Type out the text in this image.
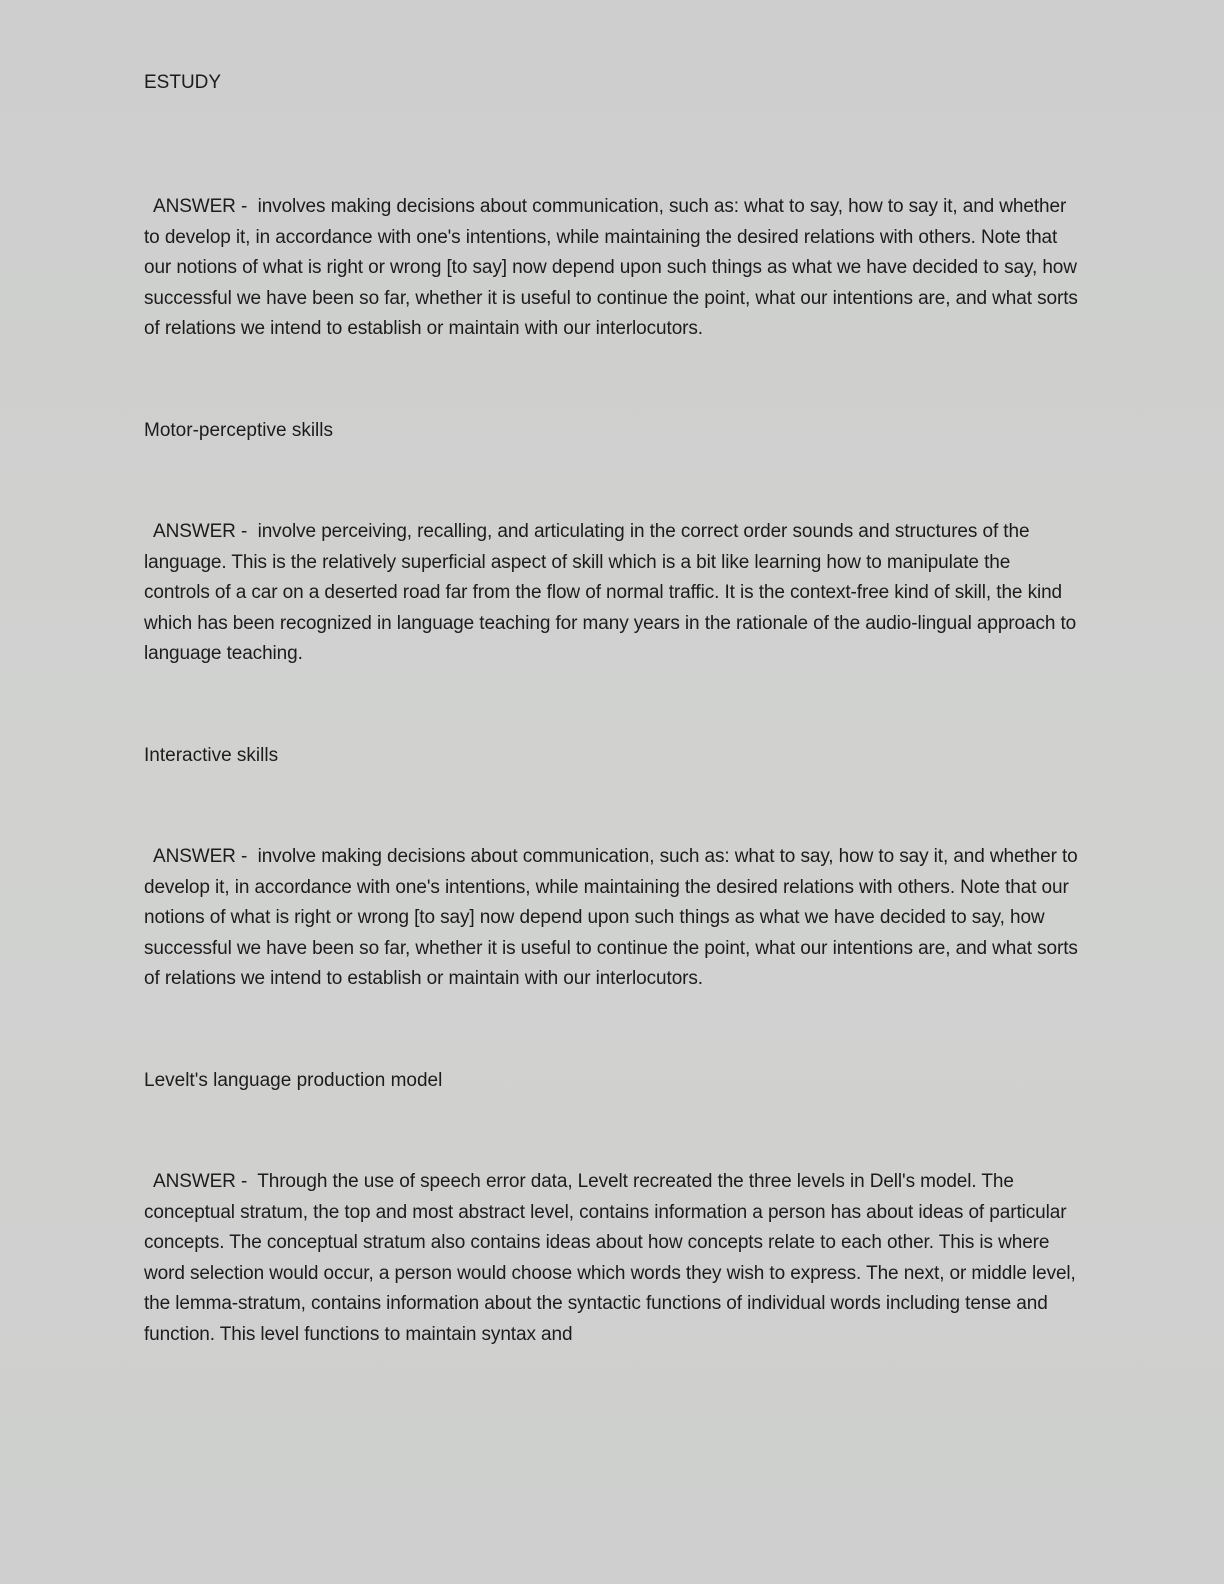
ESTUDY

ANSWER -  involves making decisions about communication, such as: what to say, how to say it, and whether to develop it, in accordance with one's intentions, while maintaining the desired relations with others. Note that our notions of what is right or wrong [to say] now depend upon such things as what we have decided to say, how successful we have been so far, whether it is useful to continue the point, what our intentions are, and what sorts of relations we intend to establish or maintain with our interlocutors.

Motor-perceptive skills

ANSWER -  involve perceiving, recalling, and articulating in the correct order sounds and structures of the language. This is the relatively superficial aspect of skill which is a bit like learning how to manipulate the controls of a car on a deserted road far from the flow of normal traffic. It is the context-free kind of skill, the kind which has been recognized in language teaching for many years in the rationale of the audio-lingual approach to language teaching.

Interactive skills

ANSWER -  involve making decisions about communication, such as: what to say, how to say it, and whether to develop it, in accordance with one's intentions, while maintaining the desired relations with others. Note that our notions of what is right or wrong [to say] now depend upon such things as what we have decided to say, how successful we have been so far, whether it is useful to continue the point, what our intentions are, and what sorts of relations we intend to establish or maintain with our interlocutors.

Levelt's language production model

ANSWER -  Through the use of speech error data, Levelt recreated the three levels in Dell's model. The conceptual stratum, the top and most abstract level, contains information a person has about ideas of particular concepts. The conceptual stratum also contains ideas about how concepts relate to each other. This is where word selection would occur, a person would choose which words they wish to express. The next, or middle level, the lemma-stratum, contains information about the syntactic functions of individual words including tense and function. This level functions to maintain syntax and
